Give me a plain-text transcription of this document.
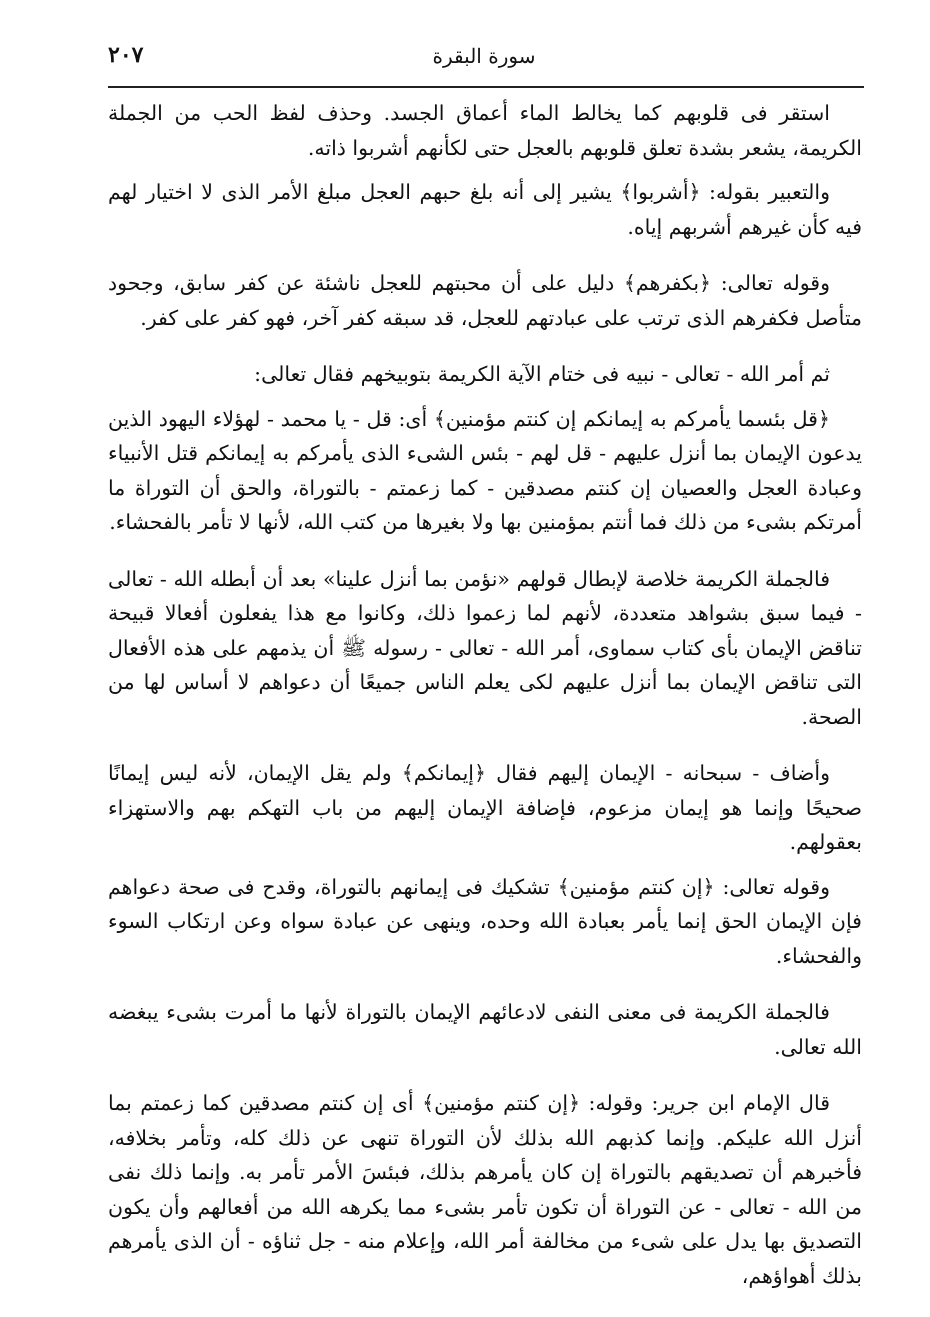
٢٠٧	سورة البقرة

استقر فى قلوبهم كما يخالط الماء أعماق الجسد. وحذف لفظ الحب من الجملة الكريمة، يشعر بشدة تعلق قلوبهم بالعجل حتى لكأنهم أشربوا ذاته.

والتعبير بقوله: ﴿أشربوا﴾ يشير إلى أنه بلغ حبهم العجل مبلغ الأمر الذى لا اختيار لهم فيه كأن غيرهم أشربهم إياه.

وقوله تعالى: ﴿بكفرهم﴾ دليل على أن محبتهم للعجل ناشئة عن كفر سابق، وجحود متأصل فكفرهم الذى ترتب على عبادتهم للعجل، قد سبقه كفر آخر، فهو كفر على كفر.

ثم أمر الله - تعالى - نبيه فى ختام الآية الكريمة بتوبيخهم فقال تعالى:

﴿قل بئسما يأمركم به إيمانكم إن كنتم مؤمنين﴾ أى: قل - يا محمد - لهؤلاء اليهود الذين يدعون الإيمان بما أنزل عليهم - قل لهم - بئس الشىء الذى يأمركم به إيمانكم قتل الأنبياء وعبادة العجل والعصيان إن كنتم مصدقين - كما زعمتم - بالتوراة، والحق أن التوراة ما أمرتكم بشىء من ذلك فما أنتم بمؤمنين بها ولا بغيرها من كتب الله، لأنها لا تأمر بالفحشاء.

فالجملة الكريمة خلاصة لإبطال قولهم «نؤمن بما أنزل علينا» بعد أن أبطله الله - تعالى - فيما سبق بشواهد متعددة، لأنهم لما زعموا ذلك، وكانوا مع هذا يفعلون أفعالا قبيحة تناقض الإيمان بأى كتاب سماوى، أمر الله - تعالى - رسوله ﷺ أن يذمهم على هذه الأفعال التى تناقض الإيمان بما أنزل عليهم لكى يعلم الناس جميعًا أن دعواهم لا أساس لها من الصحة.

وأضاف - سبحانه - الإيمان إليهم فقال ﴿إيمانكم﴾ ولم يقل الإيمان، لأنه ليس إيمانًا صحيحًا وإنما هو إيمان مزعوم، فإضافة الإيمان إليهم من باب التهكم بهم والاستهزاء بعقولهم.

وقوله تعالى: ﴿إن كنتم مؤمنين﴾ تشكيك فى إيمانهم بالتوراة، وقدح فى صحة دعواهم فإن الإيمان الحق إنما يأمر بعبادة الله وحده، وينهى عن عبادة سواه وعن ارتكاب السوء والفحشاء.

فالجملة الكريمة فى معنى النفى لادعائهم الإيمان بالتوراة لأنها ما أمرت بشىء يبغضه الله تعالى.

قال الإمام ابن جرير: وقوله: ﴿إن كنتم مؤمنين﴾ أى إن كنتم مصدقين كما زعمتم بما أنزل الله عليكم. وإنما كذبهم الله بذلك لأن التوراة تنهى عن ذلك كله، وتأمر بخلافه، فأخبرهم أن تصديقهم بالتوراة إن كان يأمرهم بذلك، فبئسَ الأمر تأمر به. وإنما ذلك نفى من الله - تعالى - عن التوراة أن تكون تأمر بشىء مما يكرهه الله من أفعالهم وأن يكون التصديق بها يدل على شىء من مخالفة أمر الله، وإعلام منه - جل ثناؤه - أن الذى يأمرهم بذلك أهواؤهم،
